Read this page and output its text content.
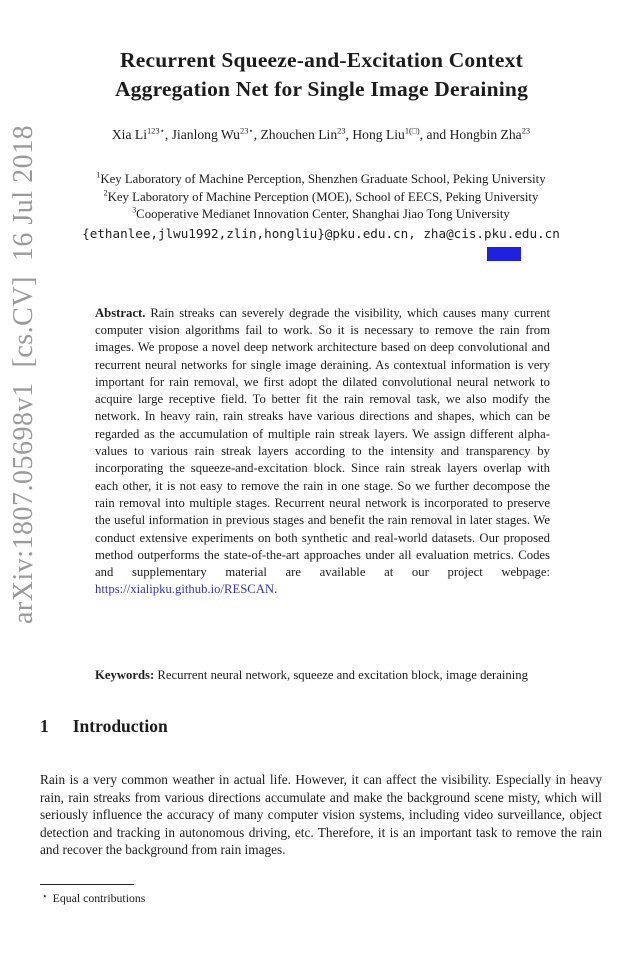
arXiv:1807.05698v1  [cs.CV]  16 Jul 2018
Recurrent Squeeze-and-Excitation Context
Aggregation Net for Single Image Deraining
Xia $Li^{123⋆}$, Jianlong $Wu^{23⋆}$, Zhouchen Lin$^{23}$, Hong Liu$^{1(□)}$, and Hongbin Zha$^{23}$
$^1$Key Laboratory of Machine Perception, Shenzhen Graduate School, Peking University
$^2$Key Laboratory of Machine Perception (MOE), School of EECS, Peking University
$^3$Cooperative Medianet Innovation Center, Shanghai Jiao Tong University
{ethanlee,jlwu1992,zlin,hongliu}@pku.edu.cn, zha@cis.pku.edu.cn

Abstract. Rain streaks can severely degrade the visibility, which causes many current computer vision algorithms fail to work. So it is necessary to remove the rain from images. We propose a novel deep network architecture based on deep convolutional and recurrent neural networks for single image deraining. As contextual information is very important for rain removal, we first adopt the dilated convolutional neural network to acquire large receptive field. To better fit the rain removal task, we also modify the network. In heavy rain, rain streaks have various directions and shapes, which can be regarded as the accumulation of multiple rain streak layers. We assign different alpha-values to various rain streak layers according to the intensity and transparency by incorporating the squeeze-and-excitation block. Since rain streak layers overlap with each other, it is not easy to remove the rain in one stage. So we further decompose the rain removal into multiple stages. Recurrent neural network is incorporated to preserve the useful information in previous stages and benefit the rain removal in later stages. We conduct extensive experiments on both synthetic and real-world datasets. Our proposed method outperforms the state-of-the-art approaches under all evaluation metrics. Codes and supplementary material are available at our project webpage: https://xialipku.github.io/RESCAN.

Keywords: Recurrent neural network, squeeze and excitation block, image deraining

1 Introduction

Rain is a very common weather in actual life. However, it can affect the visibility. Especially in heavy rain, rain streaks from various directions accumulate and make the background scene misty, which will seriously influence the accuracy of many computer vision systems, including video surveillance, object detection and tracking in autonomous driving, etc. Therefore, it is an important task to remove the rain and recover the background from rain images.

⋆ Equal contributions
